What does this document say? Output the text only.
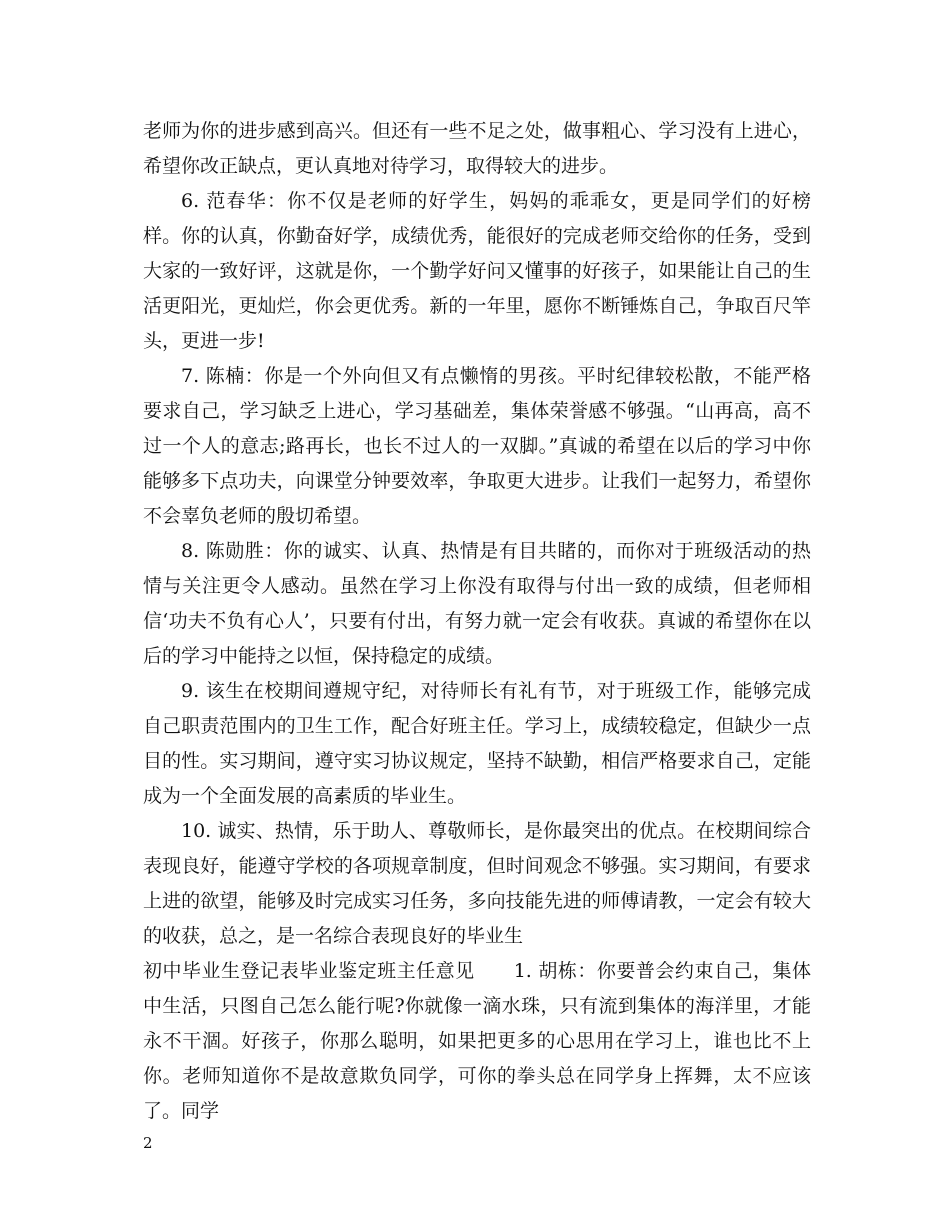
老师为你的进步感到高兴。但还有一些不足之处，做事粗心、学习没有上进心，希望你改正缺点，更认真地对待学习，取得较大的进步。

6. 范春华：你不仅是老师的好学生，妈妈的乖乖女，更是同学们的好榜样。你的认真，你勤奋好学，成绩优秀，能很好的完成老师交给你的任务，受到大家的一致好评，这就是你，一个勤学好问又懂事的好孩子，如果能让自己的生活更阳光，更灿烂，你会更优秀。新的一年里，愿你不断锤炼自己，争取百尺竿头，更进一步!

7. 陈楠：你是一个外向但又有点懒惰的男孩。平时纪律较松散，不能严格要求自己，学习缺乏上进心，学习基础差，集体荣誉感不够强。“山再高，高不过一个人的意志;路再长，也长不过人的一双脚。”真诚的希望在以后的学习中你能够多下点功夫，向课堂分钟要效率，争取更大进步。让我们一起努力，希望你不会辜负老师的殷切希望。

8. 陈勋胜：你的诚实、认真、热情是有目共睹的，而你对于班级活动的热情与关注更令人感动。虽然在学习上你没有取得与付出一致的成绩，但老师相信‘功夫不负有心人’，只要有付出，有努力就一定会有收获。真诚的希望你在以后的学习中能持之以恒，保持稳定的成绩。

9. 该生在校期间遵规守纪，对待师长有礼有节，对于班级工作，能够完成自己职责范围内的卫生工作，配合好班主任。学习上，成绩较稳定，但缺少一点目的性。实习期间，遵守实习协议规定，坚持不缺勤，相信严格要求自己，定能成为一个全面发展的高素质的毕业生。

10. 诚实、热情，乐于助人、尊敬师长，是你最突出的优点。在校期间综合表现良好，能遵守学校的各项规章制度，但时间观念不够强。实习期间，有要求上进的欲望，能够及时完成实习任务，多向技能先进的师傅请教，一定会有较大的收获，总之，是一名综合表现良好的毕业生

初中毕业生登记表毕业鉴定班主任意见　　1. 胡栋：你要普会约束自己，集体中生活，只图自己怎么能行呢?你就像一滴水珠，只有流到集体的海洋里，才能永不干涸。好孩子，你那么聪明，如果把更多的心思用在学习上，谁也比不上你。老师知道你不是故意欺负同学，可你的拳头总在同学身上挥舞，太不应该了。同学

2
